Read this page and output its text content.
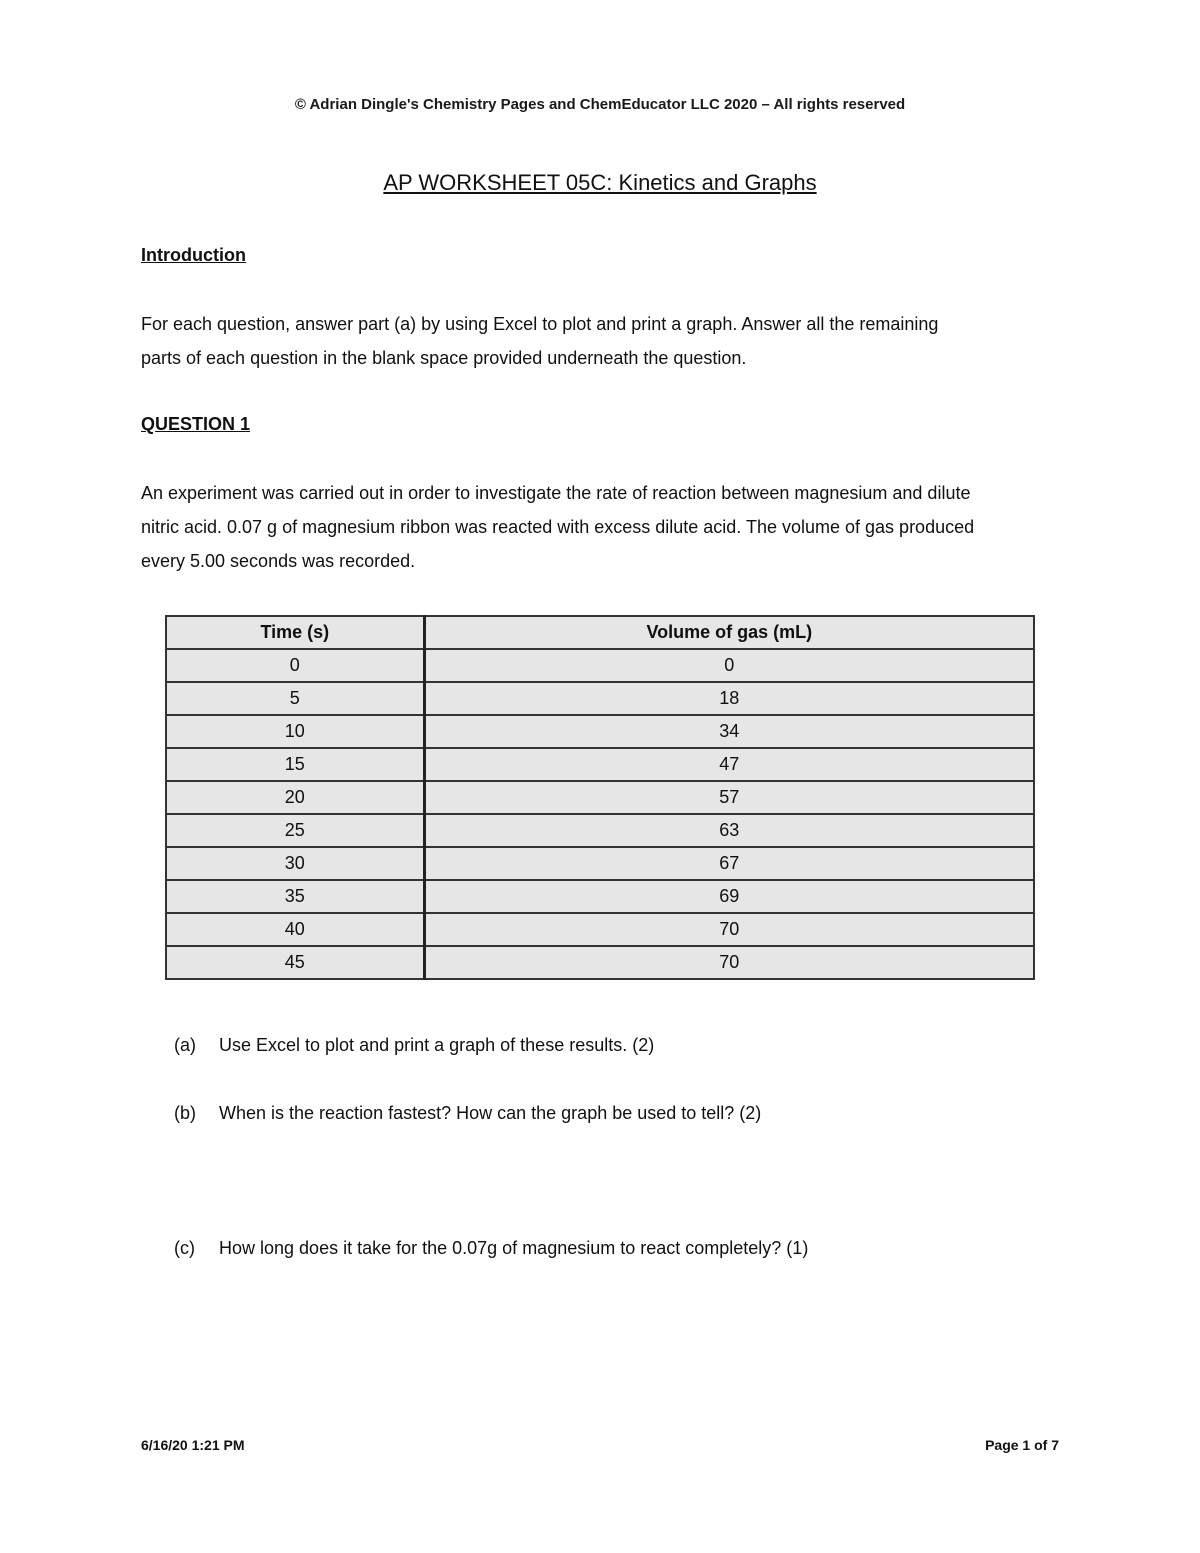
© Adrian Dingle's Chemistry Pages and ChemEducator LLC 2020 – All rights reserved
AP WORKSHEET 05C: Kinetics and Graphs
Introduction
For each question, answer part (a) by using Excel to plot and print a graph. Answer all the remaining
parts of each question in the blank space provided underneath the question.
QUESTION 1
An experiment was carried out in order to investigate the rate of reaction between magnesium and dilute
nitric acid. 0.07 g of magnesium ribbon was reacted with excess dilute acid. The volume of gas produced
every 5.00 seconds was recorded.
Time (s)	Volume of gas (mL)
0	0
5	18
10	34
15	47
20	57
25	63
30	67
35	69
40	70
45	70
(a) Use Excel to plot and print a graph of these results. (2)
(b) When is the reaction fastest? How can the graph be used to tell? (2)
(c) How long does it take for the 0.07g of magnesium to react completely? (1)
6/16/20 1:21 PM	Page 1 of 7
